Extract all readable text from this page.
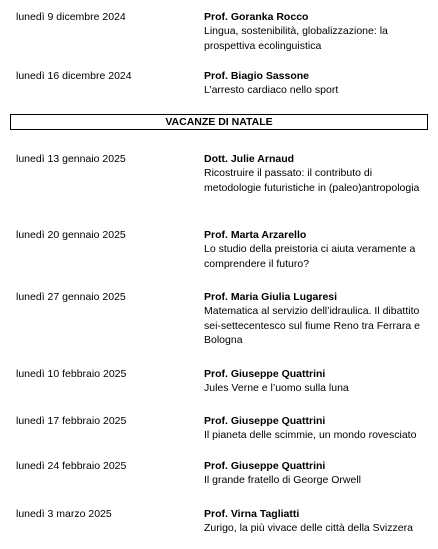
lunedì 9 dicembre 2024	Prof. Goranka Rocco
Lingua, sostenibilità, globalizzazione: la prospettiva ecolinguistica
lunedì 16 dicembre 2024	Prof. Biagio Sassone
L’arresto cardiaco nello sport
VACANZE DI NATALE
lunedì 13 gennaio 2025	Dott. Julie Arnaud
Ricostruire il passato: il contributo di metodologie futuristiche in (paleo)antropologia
lunedì 20 gennaio 2025	Prof. Marta Arzarello
Lo studio della preistoria ci aiuta veramente a comprendere il futuro?
lunedì 27 gennaio 2025	Prof. Maria Giulia Lugaresi
Matematica al servizio dell’idraulica. Il dibattito sei-settecentesco sul fiume Reno tra Ferrara e Bologna
lunedì 10 febbraio 2025	Prof. Giuseppe Quattrini
Jules Verne e l’uomo sulla luna
lunedì 17 febbraio 2025	Prof. Giuseppe Quattrini
Il pianeta delle scimmie, un mondo rovesciato
lunedì 24 febbraio 2025	Prof. Giuseppe Quattrini
Il grande fratello di George Orwell
lunedì 3 marzo 2025	Prof. Virna Tagliatti
Zurigo, la più vivace delle città della Svizzera
